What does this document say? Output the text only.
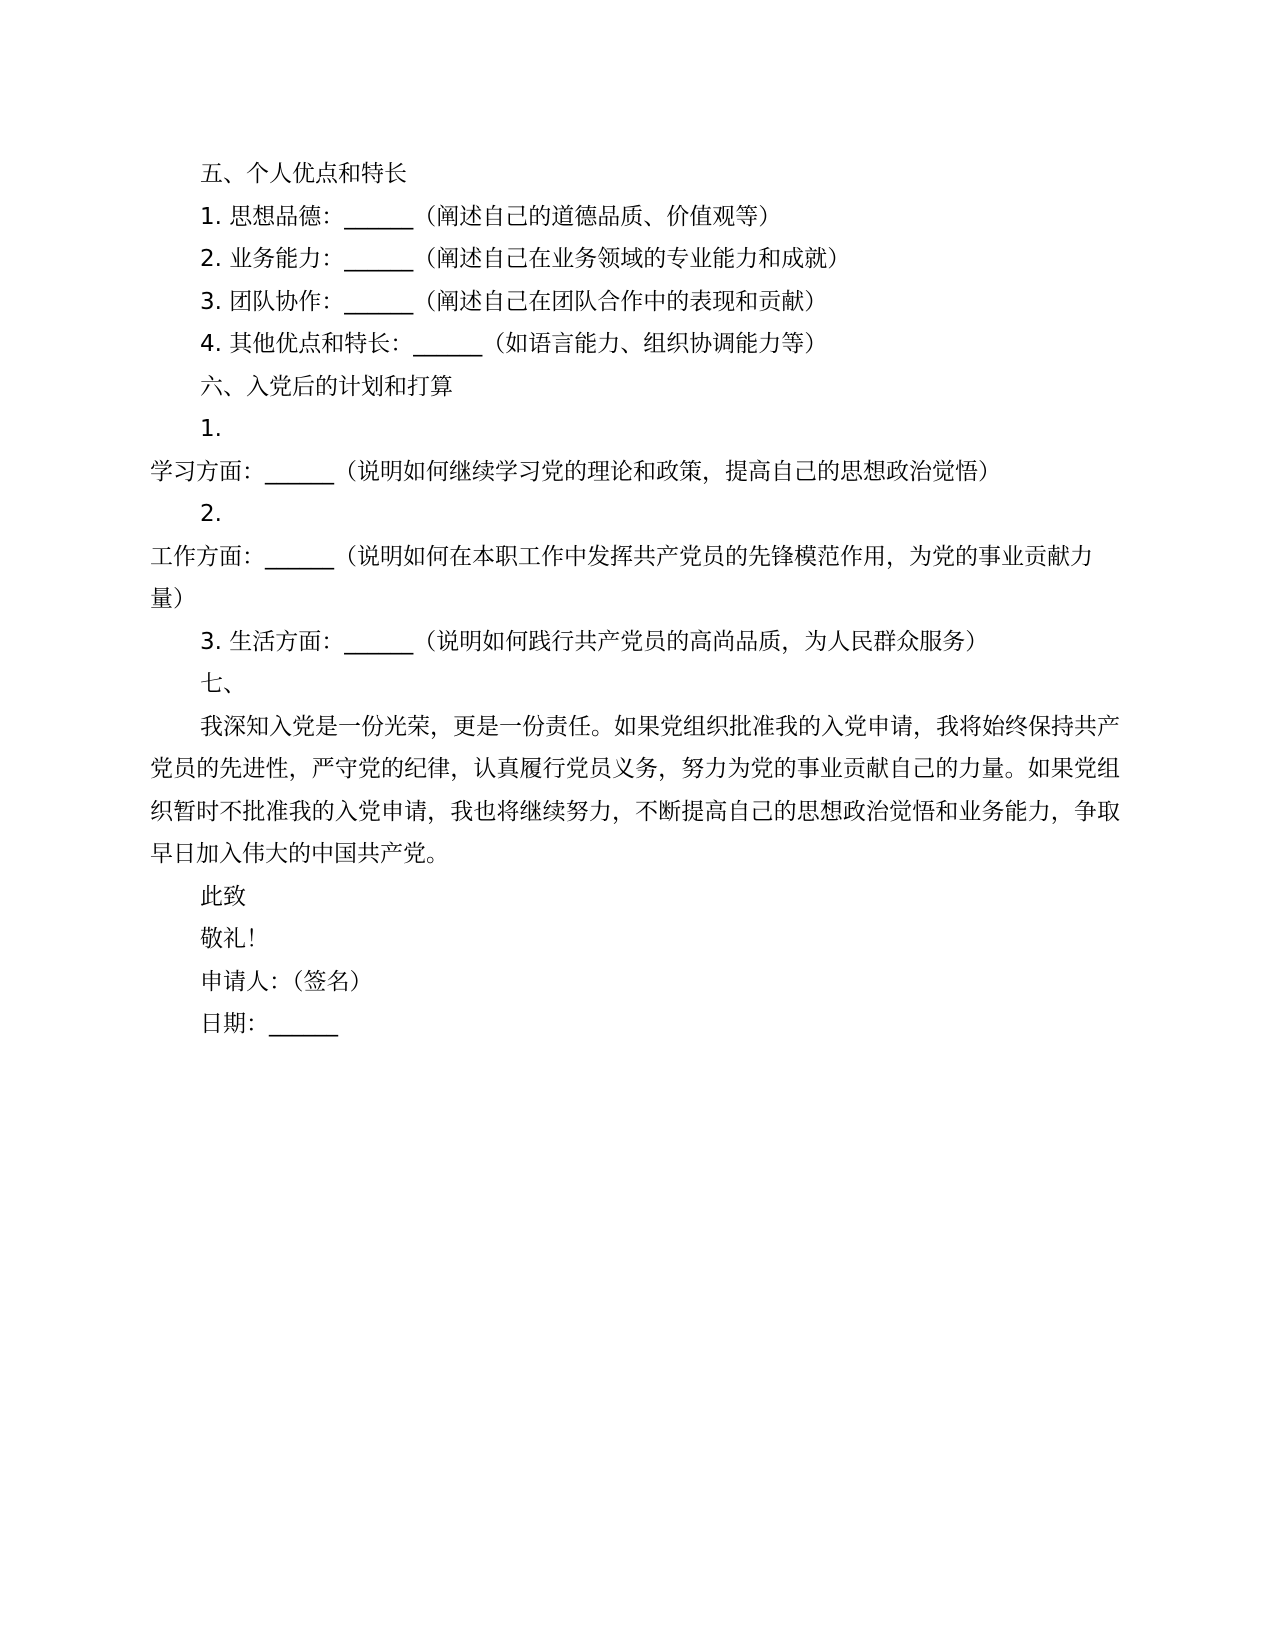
五、个人优点和特长
1. 思想品德：______（阐述自己的道德品质、价值观等）
2. 业务能力：______（阐述自己在业务领域的专业能力和成就）
3. 团队协作：______（阐述自己在团队合作中的表现和贡献）
4. 其他优点和特长：______（如语言能力、组织协调能力等）
六、入党后的计划和打算
1.
学习方面：______（说明如何继续学习党的理论和政策，提高自己的思想政治觉悟）
2.
工作方面：______（说明如何在本职工作中发挥共产党员的先锋模范作用，为党的事业贡献力量）
3. 生活方面：______（说明如何践行共产党员的高尚品质，为人民群众服务）
七、
我深知入党是一份光荣，更是一份责任。如果党组织批准我的入党申请，我将始终保持共产党员的先进性，严守党的纪律，认真履行党员义务，努力为党的事业贡献自己的力量。如果党组织暂时不批准我的入党申请，我也将继续努力，不断提高自己的思想政治觉悟和业务能力，争取早日加入伟大的中国共产党。
此致
敬礼！
申请人：（签名）
日期：______
